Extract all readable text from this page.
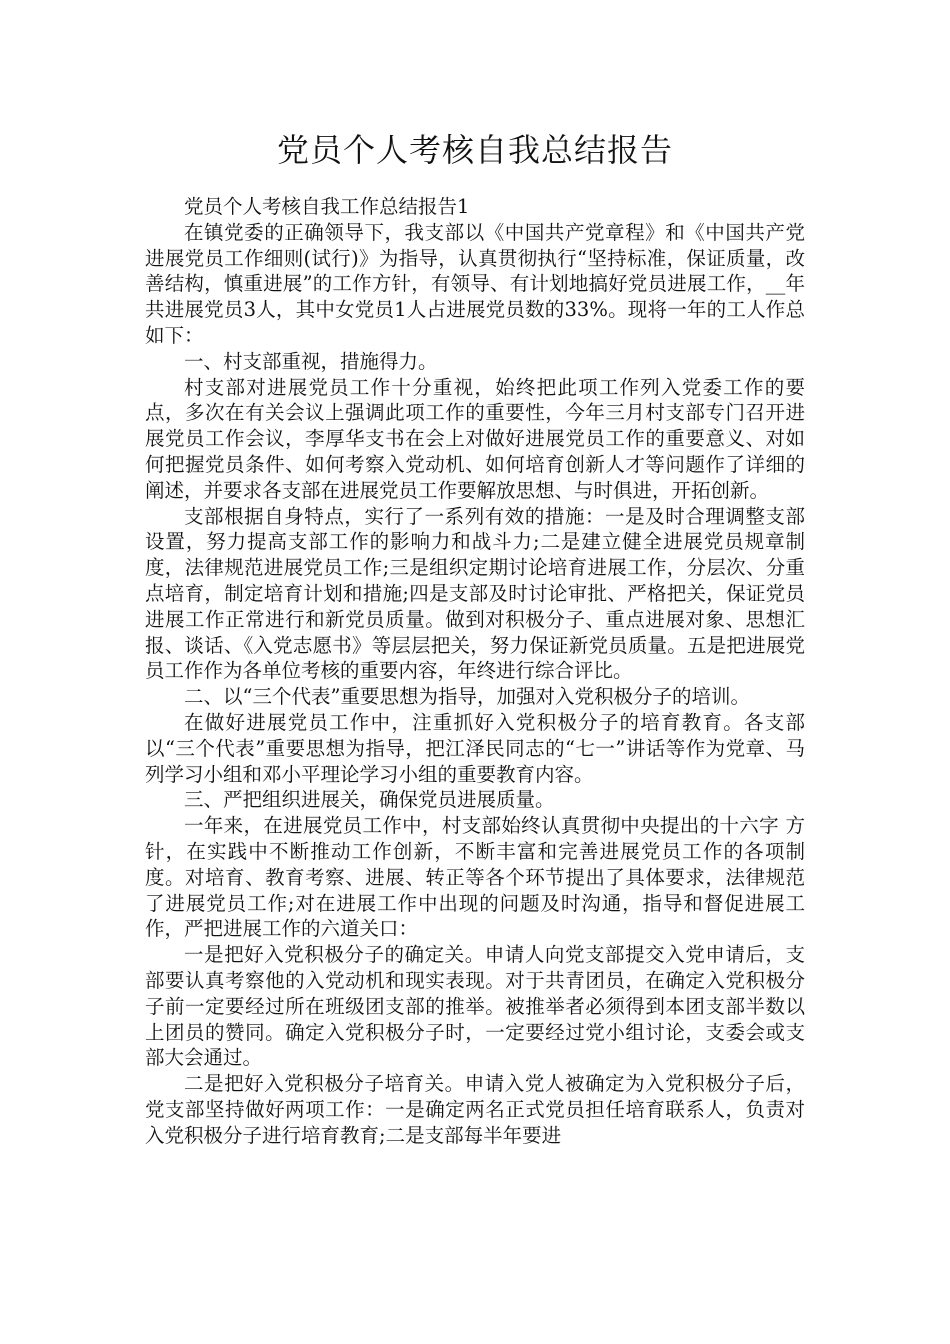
党员个人考核自我总结报告

党员个人考核自我工作总结报告1

在镇党委的正确领导下，我支部以《中国共产党章程》和《中国共产党进展党员工作细则(试行)》为指导，认真贯彻执行“坚持标准，保证质量，改善结构，慎重进展”的工作方针，有领导、有计划地搞好党员进展工作，__年共进展党员3人，其中女党员1人占进展党员数的33%。现将一年的工人作总如下：

一、村支部重视，措施得力。

村支部对进展党员工作十分重视，始终把此项工作列入党委工作的要点，多次在有关会议上强调此项工作的重要性，今年三月村支部专门召开进展党员工作会议，李厚华支书在会上对做好进展党员工作的重要意义、对如何把握党员条件、如何考察入党动机、如何培育创新人才等问题作了详细的阐述，并要求各支部在进展党员工作要解放思想、与时俱进，开拓创新。

支部根据自身特点，实行了一系列有效的措施：一是及时合理调整支部设置，努力提高支部工作的影响力和战斗力;二是建立健全进展党员规章制度，法律规范进展党员工作;三是组织定期讨论培育进展工作，分层次、分重点培育，制定培育计划和措施;四是支部及时讨论审批、严格把关，保证党员进展工作正常进行和新党员质量。做到对积极分子、重点进展对象、思想汇报、谈话、《入党志愿书》等层层把关，努力保证新党员质量。五是把进展党员工作作为各单位考核的重要内容，年终进行综合评比。

二、以“三个代表”重要思想为指导，加强对入党积极分子的培训。

在做好进展党员工作中，注重抓好入党积极分子的培育教育。各支部以“三个代表”重要思想为指导，把江泽民同志的“七一”讲话等作为党章、马列学习小组和邓小平理论学习小组的重要教育内容。

三、严把组织进展关，确保党员进展质量。

一年来，在进展党员工作中，村支部始终认真贯彻中央提出的十六字 方针，在实践中不断推动工作创新，不断丰富和完善进展党员工作的各项制度。对培育、教育考察、进展、转正等各个环节提出了具体要求，法律规范了进展党员工作;对在进展工作中出现的问题及时沟通，指导和督促进展工作，严把进展工作的六道关口：

一是把好入党积极分子的确定关。申请人向党支部提交入党申请后，支部要认真考察他的入党动机和现实表现。对于共青团员，在确定入党积极分子前一定要经过所在班级团支部的推举。被推举者必须得到本团支部半数以上团员的赞同。确定入党积极分子时，一定要经过党小组讨论，支委会或支部大会通过。

二是把好入党积极分子培育关。申请入党人被确定为入党积极分子后，党支部坚持做好两项工作：一是确定两名正式党员担任培育联系人，负责对入党积极分子进行培育教育;二是支部每半年要进
